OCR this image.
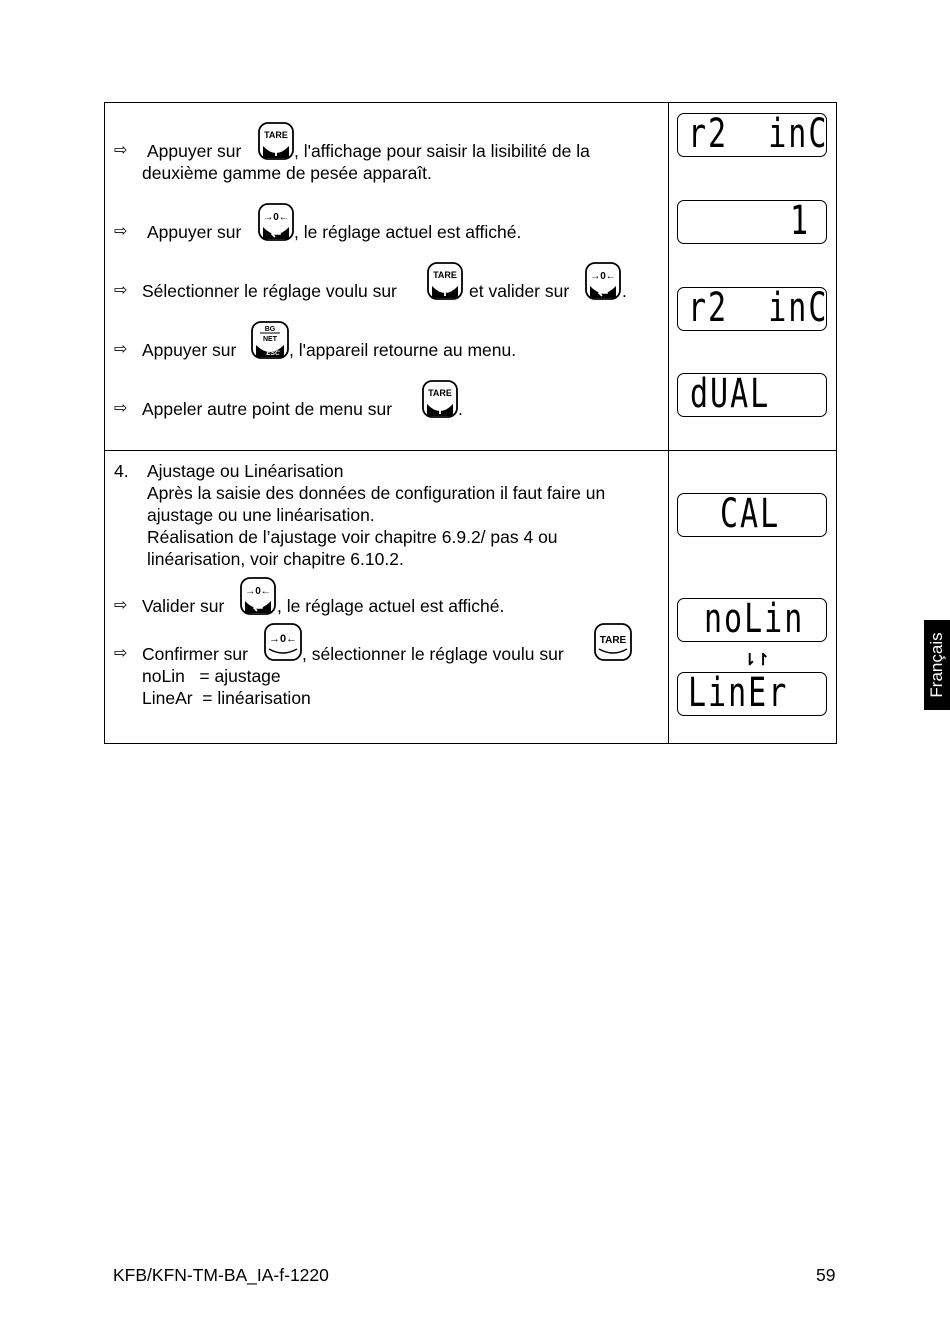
⇨ Appuyer sur
TARE
, l'affichage pour saisir la lisibilité de la
deuxième gamme de pesée apparaît.
⇨ Appuyer sur
→0←
, le réglage actuel est affiché.
⇨ Sélectionner le réglage voulu sur
TARE
et valider sur
→0←
.
⇨ Appuyer sur
BG
NET
ESC , l'appareil retourne au menu.
⇨ Appeler autre point de menu sur
TARE
.
r2  inC
1
r2  inC
dUAL
4. Ajustage ou Linéarisation
Après la saisie des données de configuration il faut faire un
ajustage ou une linéarisation.
Réalisation de l’ajustage voir chapitre 6.9.2/ pas 4 ou
linéarisation, voir chapitre 6.10.2.
⇨ Valider sur
→0←
, le réglage actuel est affiché.
⇨ Confirmer sur
→0←
, sélectionner le réglage voulu sur
TARE
noLin   = ajustage
LineAr  = linéarisation
CAL
noLin
⇂↾
LinEr	Français
KFB/KFN-TM-BA_IA-f-1220	59
